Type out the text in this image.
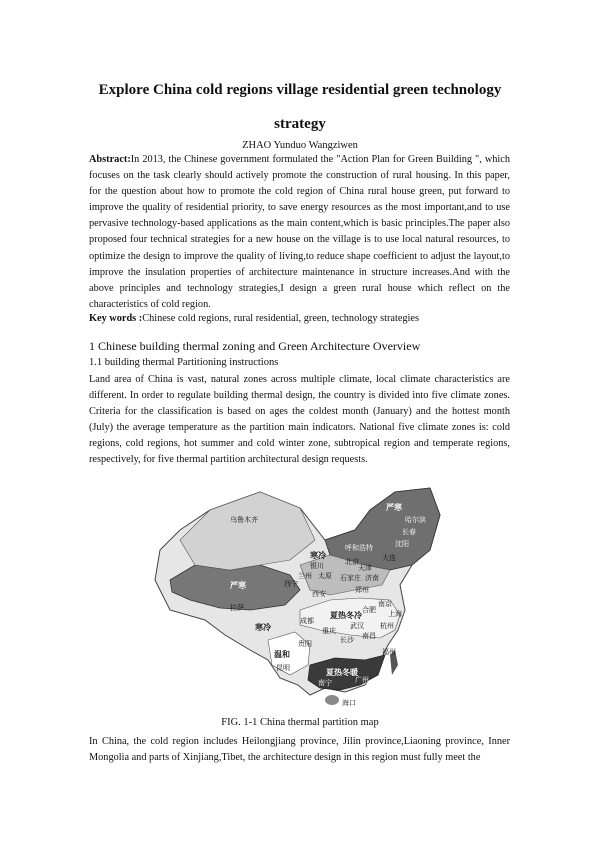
Explore China cold regions village residential green technology
strategy
ZHAO Yunduo Wangziwen
Abstract:In 2013, the Chinese government formulated the "Action Plan for Green Building ", which focuses on the task clearly should actively promote the construction of rural housing. In this paper, for the question about how to promote the cold region of China rural house green, put forward to improve the quality of residential priority, to save energy resources as the most important,and to use pervasive technology-based applications as the main content,which is basic principles.The paper also proposed four technical strategies for a new house on the village is to use local natural resources, to optimize the design to improve the quality of living,to reduce shape coefficient to adjust the layout,to improve the insulation properties of architecture maintenance in structure increases.And with the above principles and technology strategies,I design a green rural house which reflect on the characteristics of cold region.
Key words :Chinese cold regions, rural residential, green, technology strategies
1 Chinese building thermal zoning and Green Architecture Overview
1.1 building thermal Partitioning instructions
Land area of China is vast, natural zones across multiple climate, local climate characteristics are different. In order to regulate building thermal design, the country is divided into five climate zones. Criteria for the classification is based on ages the coldest month (January) and the hottest month (July) the average temperature as the partition main indicators. National five climate zones is: cold regions, cold regions, hot summer and cold winter zone, subtropical region and temperate regions, respectively, for five thermal partition architectural design requests.
严寒
严寒
寒冷
寒冷
夏热冬冷
温和
夏热冬暖
乌鲁木齐	哈尔滨
长春
沈阳
呼和浩特
银川	北京
天津
大连
兰州 太原 石家庄 济南
西宁
郑州
西安
拉萨
成都
合肥
南京
上海
武汉
重庆
杭州
贵阳	长沙 南昌
昆明
福州
广州
南宁
海口
FIG. 1-1 China thermal partition map
In China, the cold region includes Heilongjiang province, Jilin province,Liaoning province, Inner Mongolia and parts of Xinjiang,Tibet, the architecture design in this region must fully meet the
